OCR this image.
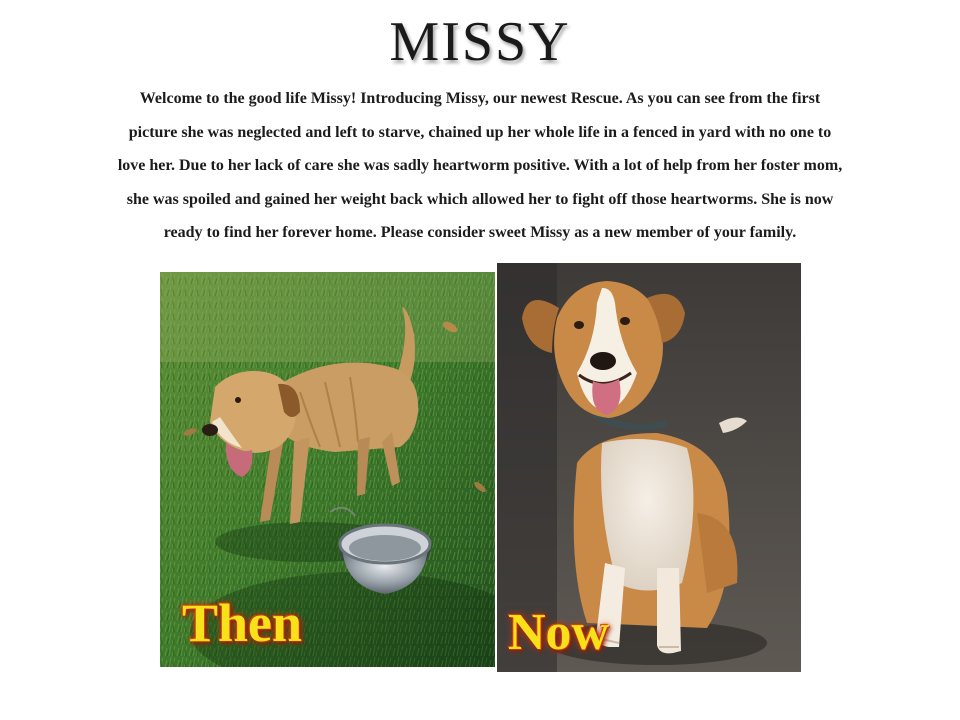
MISSY
Welcome to the good life Missy! Introducing Missy, our newest Rescue. As you can see from the first
picture she was neglected and left to starve, chained up her whole life in a fenced in yard with no one to
love her. Due to her lack of care she was sadly heartworm positive. With a lot of help from her foster mom,
she was spoiled and gained her weight back which allowed her to fight off those heartworms. She is now
ready to find her forever home. Please consider sweet Missy as a new member of your family.
Then	Now
